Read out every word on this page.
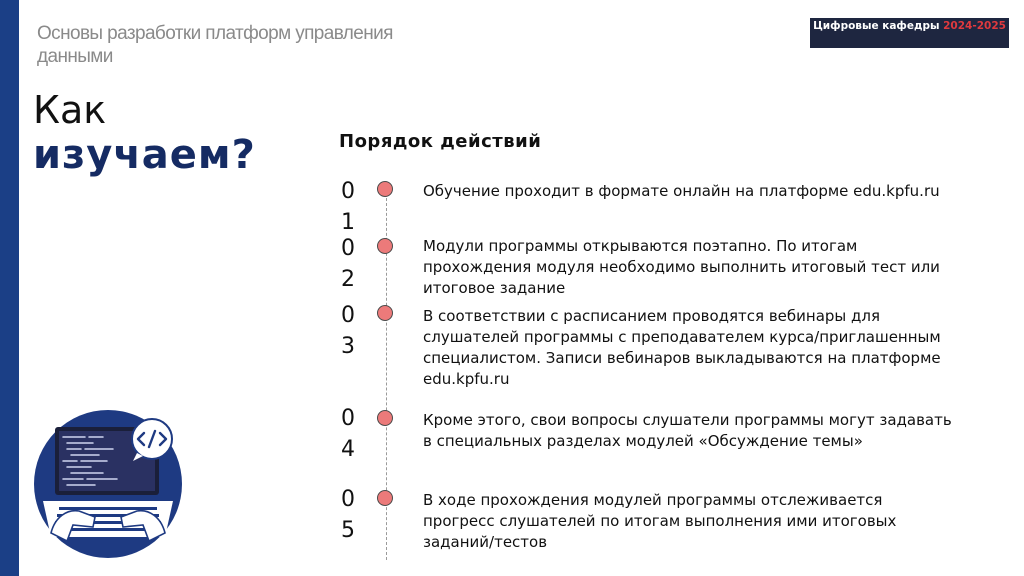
Основы разработки платформ управления данными
Цифровые кафедры 2024-2025
Как
изучаем?	Порядок действий
01
Обучение проходит в формате онлайн на платформе edu.kpfu.ru
02
Модули программы открываются поэтапно. По итогам прохождения модуля необходимо выполнить итоговый тест или итоговое задание
03
В соответствии с расписанием проводятся вебинары для слушателей программы с преподавателем курса/приглашенным специалистом. Записи вебинаров выкладываются на платформе edu.kpfu.ru
04
Кроме этого, свои вопросы слушатели программы могут задавать в специальных разделах модулей «Обсуждение темы»
05
В ходе прохождения модулей программы отслеживается прогресс слушателей по итогам выполнения ими итоговых заданий/тестов
